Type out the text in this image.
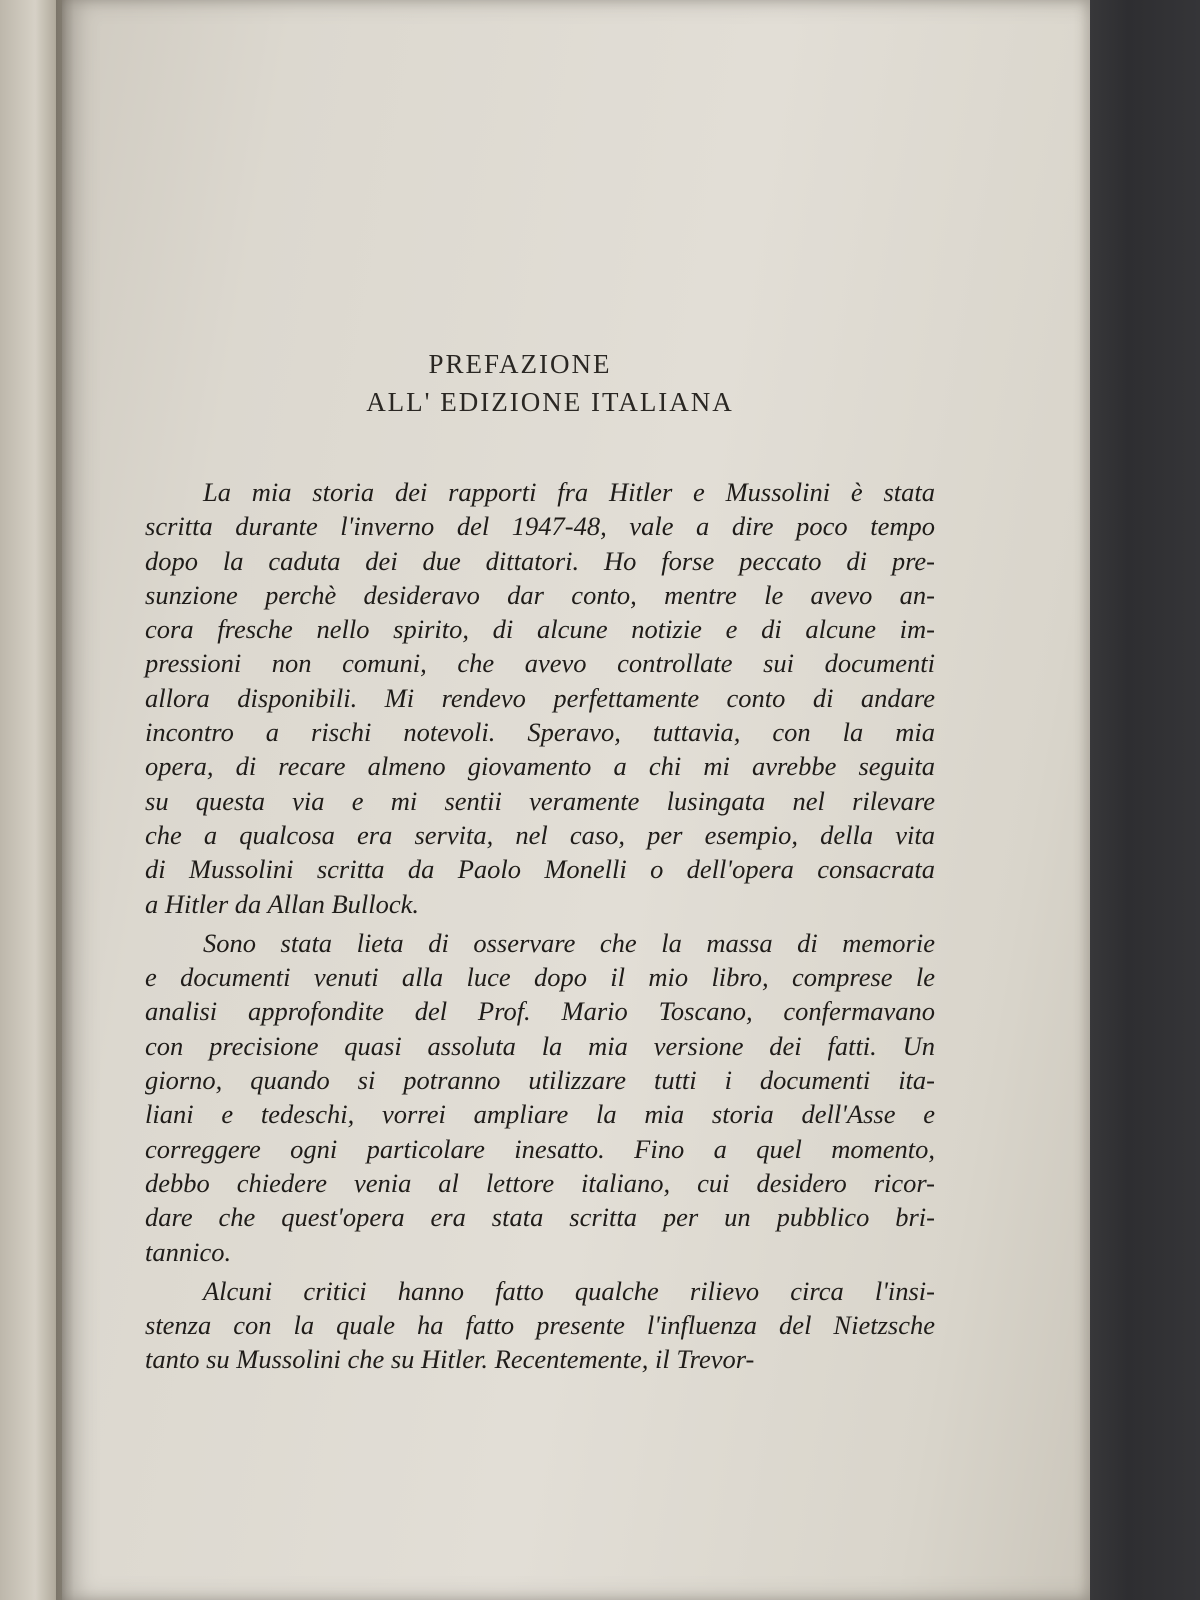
PREFAZIONE
ALL' EDIZIONE ITALIANA
La mia storia dei rapporti fra Hitler e Mussolini è stata
scritta durante l'inverno del 1947-48, vale a dire poco tempo
dopo la caduta dei due dittatori. Ho forse peccato di pre-
sunzione perchè desideravo dar conto, mentre le avevo an-
cora fresche nello spirito, di alcune notizie e di alcune im-
pressioni non comuni, che avevo controllate sui documenti
allora disponibili. Mi rendevo perfettamente conto di andare
incontro a rischi notevoli. Speravo, tuttavia, con la mia
opera, di recare almeno giovamento a chi mi avrebbe seguita
su questa via e mi sentii veramente lusingata nel rilevare
che a qualcosa era servita, nel caso, per esempio, della vita
di Mussolini scritta da Paolo Monelli o dell'opera consacrata
a Hitler da Allan Bullock.
Sono stata lieta di osservare che la massa di memorie
e documenti venuti alla luce dopo il mio libro, comprese le
analisi approfondite del Prof. Mario Toscano, confermavano
con precisione quasi assoluta la mia versione dei fatti. Un
giorno, quando si potranno utilizzare tutti i documenti ita-
liani e tedeschi, vorrei ampliare la mia storia dell'Asse e
correggere ogni particolare inesatto. Fino a quel momento,
debbo chiedere venia al lettore italiano, cui desidero ricor-
dare che quest'opera era stata scritta per un pubblico bri-
tannico.
Alcuni critici hanno fatto qualche rilievo circa l'insi-
stenza con la quale ha fatto presente l'influenza del Nietzsche
tanto su Mussolini che su Hitler. Recentemente, il Trevor-
